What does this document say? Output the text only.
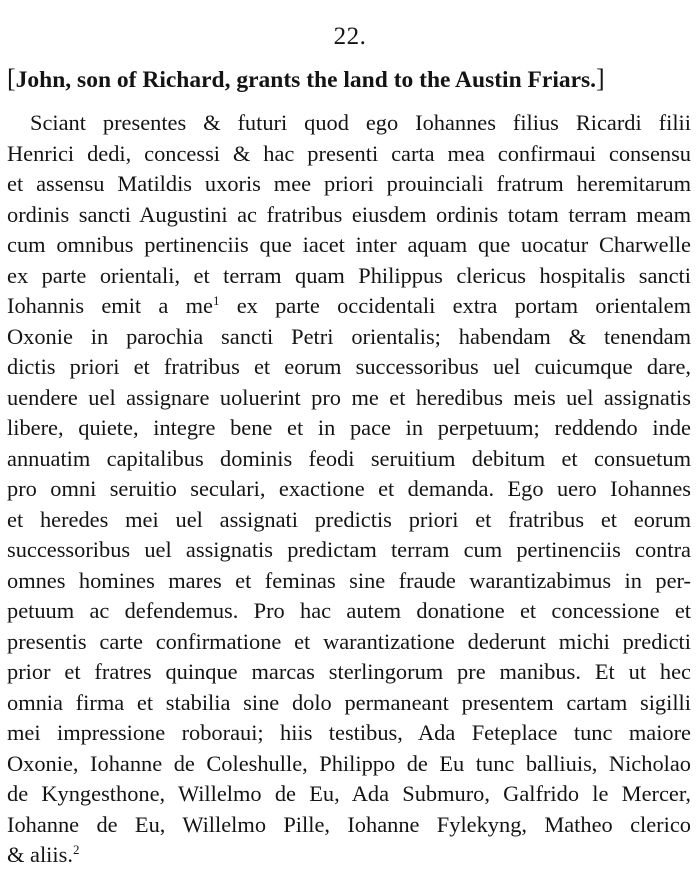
22.
[John, son of Richard, grants the land to the Austin Friars.]
Sciant presentes & futuri quod ego Iohannes filius Ricardi filii
Henrici dedi, concessi & hac presenti carta mea confirmaui consensu
et assensu Matildis uxoris mee priori prouinciali fratrum heremitarum
ordinis sancti Augustini ac fratribus eiusdem ordinis totam terram meam
cum omnibus pertinenciis que iacet inter aquam que uocatur Charwelle
ex parte orientali, et terram quam Philippus clericus hospitalis sancti
Iohannis emit a $me^1$ ex parte occidentali extra portam orientalem
Oxonie in parochia sancti Petri orientalis; habendam & tenendam
dictis priori et fratribus et eorum successoribus uel cuicumque dare,
uendere uel assignare uoluerint pro me et heredibus meis uel assignatis
libere, quiete, integre bene et in pace in perpetuum; reddendo inde
annuatim capitalibus dominis feodi seruitium debitum et consuetum
pro omni seruitio seculari, exactione et demanda. Ego uero Iohannes
et heredes mei uel assignati predictis priori et fratribus et eorum
successoribus uel assignatis predictam terram cum pertinenciis contra
omnes homines mares et feminas sine fraude warantizabimus in per-
petuum ac defendemus. Pro hac autem donatione et concessione et
presentis carte confirmatione et warantizatione dederunt michi predicti
prior et fratres quinque marcas sterlingorum pre manibus. Et ut hec
omnia firma et stabilia sine dolo permaneant presentem cartam sigilli
mei impressione roboraui; hiis testibus, Ada Feteplace tunc maiore
Oxonie, Iohanne de Coleshulle, Philippo de Eu tunc balliuis, Nicholao
de Kyngesthone, Willelmo de Eu, Ada Submuro, Galfrido le Mercer,
Iohanne de Eu, Willelmo Pille, Iohanne Fylekyng, Matheo clerico
& aliis.$^2$
